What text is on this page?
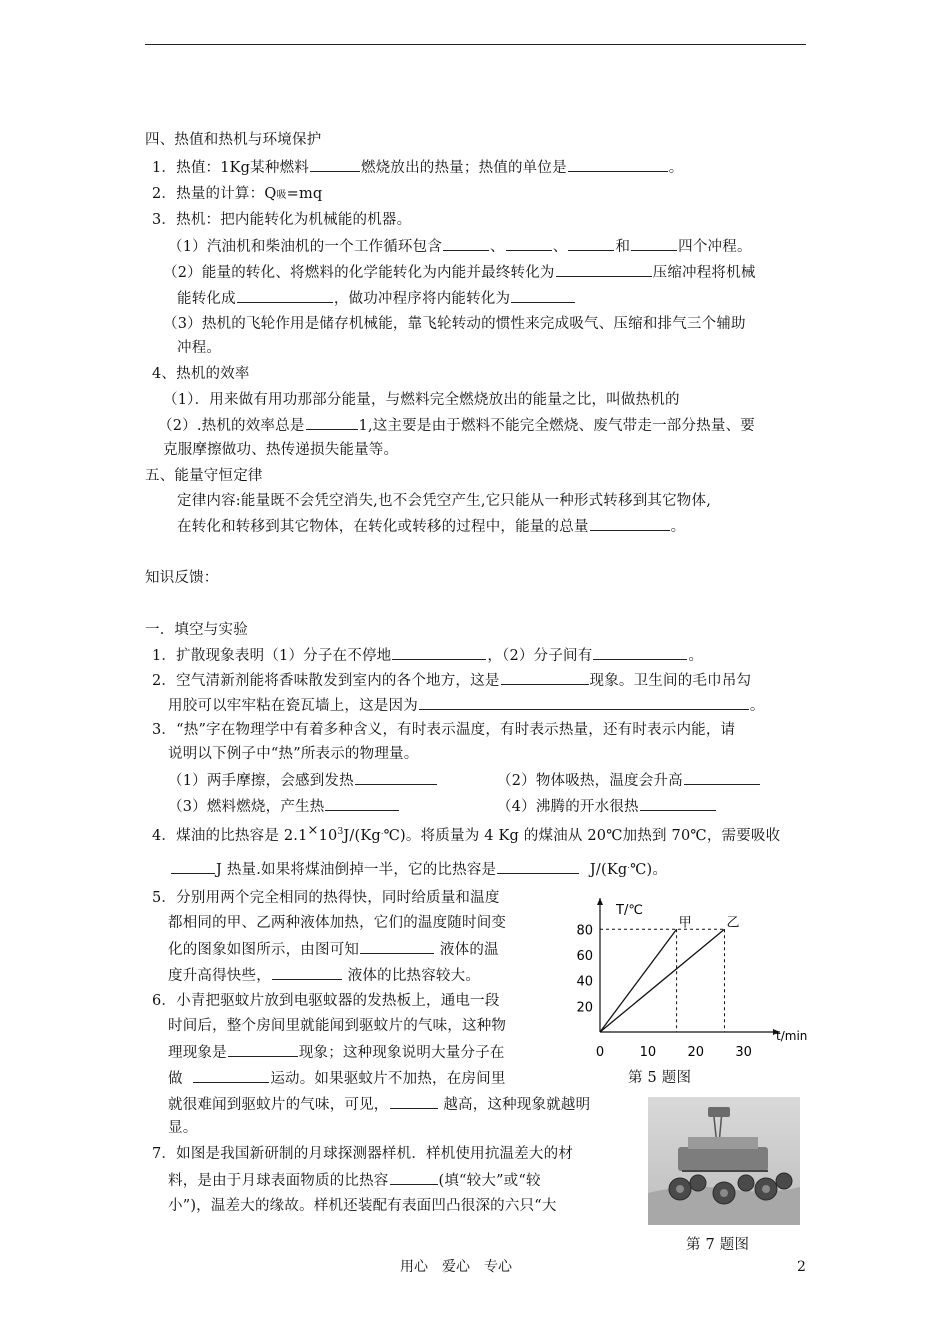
四、热值和热机与环境保护
1．热值：1Kg某种燃料	燃烧放出的热量；热值的单位是	。
2．热量的计算：Q吸=mq
3．热机：把内能转化为机械能的机器。
（1）汽油机和柴油机的一个工作循环包含	、	、	和	四个冲程。
（2）能量的转化、将燃料的化学能转化为内能并最终转化为	压缩冲程将机械
能转化成	，做功冲程序将内能转化为
（3）热机的飞轮作用是储存机械能，靠飞轮转动的惯性来完成吸气、压缩和排气三个辅助
冲程。
4、热机的效率
（1）．用来做有用功那部分能量，与燃料完全燃烧放出的能量之比，叫做热机的
（2）.热机的效率总是	1,这主要是由于燃料不能完全燃烧、废气带走一部分热量、要
克服摩擦做功、热传递损失能量等。
五、能量守恒定律
定律内容:能量既不会凭空消失,也不会凭空产生,它只能从一种形式转移到其它物体,
在转化和转移到其它物体，在转化或转移的过程中，能量的总量	。
知识反馈：
一．填空与实验
1．扩散现象表明（1）分子在不停地	，（2）分子间有	。
2．空气清新剂能将香味散发到室内的各个地方，这是	现象。卫生间的毛巾吊勾
用胶可以牢牢粘在瓷瓦墙上，这是因为	。
3．“热”字在物理学中有着多种含义，有时表示温度，有时表示热量，还有时表示内能，请
说明以下例子中“热”所表示的物理量。
（1）两手摩擦，会感到发热	（2）物体吸热，温度会升高
（3）燃料燃烧，产生热	（4）沸腾的开水很热
4．煤油的比热容是 $2.1\times 10^3J/(Kg^.℃)$。将质量为 4 Kg 的煤油从 20℃加热到 70℃，需要吸收
J 热量.如果将煤油倒掉一半，它的比热容是	J/(Kg.℃)。
5．分别用两个完全相同的热得快，同时给质量和温度
都相同的甲、乙两种液体加热，它们的温度随时间变
化的图象如图所示，由图可知	液体的温
度升高得快些，	液体的比热容较大。
6．小青把驱蚊片放到电驱蚊器的发热板上，通电一段
时间后，整个房间里就能闻到驱蚊片的气味，这种物
理现象是	现象；这种现象说明大量分子在
做	运动。如果驱蚊片不加热，在房间里
就很难闻到驱蚊片的气味，可见，	越高，这种现象就越明
显。
7．如图是我国新研制的月球探测器样机．样机使用抗温差大的材
料，是由于月球表面物质的比热容	(填“较大”或“较
小”)，温差大的缘故。样机还装配有表面凹凸很深的六只“大
T/℃
t/min
0	10 20 30
20
40
60
80
甲	乙
第 5 题图
第 7 题图
用心　爱心　专心	2
